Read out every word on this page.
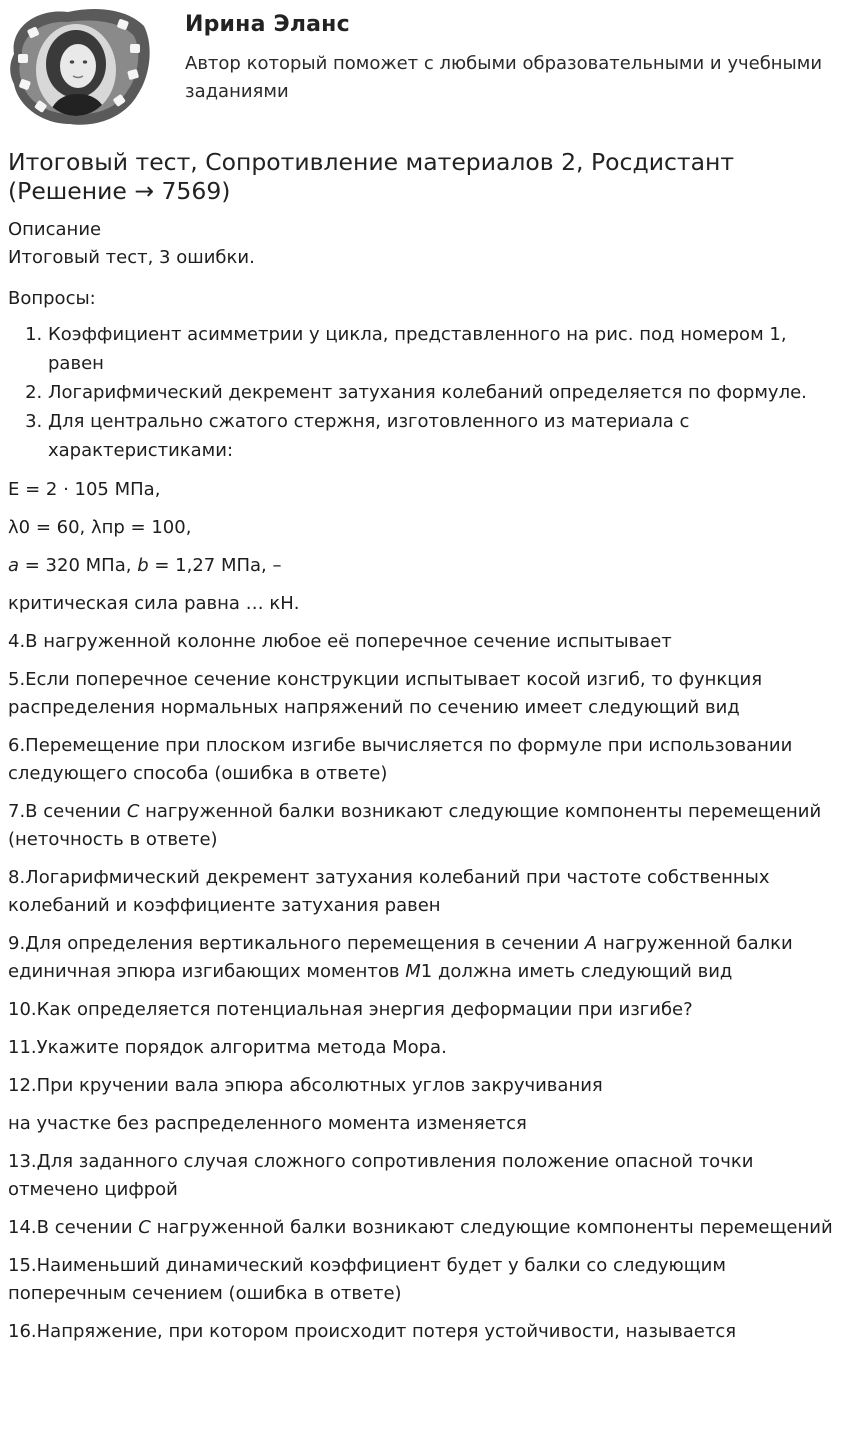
Ирина Эланс
Автор который поможет с любыми образовательными и учебными заданиями
Итоговый тест, Сопротивление материалов 2, Росдистант (Решение → 7569)

Описание

Итоговый тест, 3 ошибки.

Вопросы:

1. Коэффициент асимметрии у цикла, представленного на рис. под номером 1, равен
2. Логарифмический декремент затухания колебаний определяется по формуле.
3. Для центрально сжатого стержня, изготовленного из материала с характеристиками:

E = 2 · 105 МПа,

λ0 = 60, λпр = 100,

a = 320 МПа, b = 1,27 МПа, –

критическая сила равна … кН.

4.В нагруженной колонне любое её поперечное сечение испытывает

5.Если поперечное сечение конструкции испытывает косой изгиб, то функция распределения нормальных напряжений по сечению имеет следующий вид

6.Перемещение при плоском изгибе вычисляется по формуле при использовании следующего способа (ошибка в ответе)

7.В сечении С нагруженной балки возникают следующие компоненты перемещений (неточность в ответе)

8.Логарифмический декремент затухания колебаний при частоте собственных колебаний и коэффициенте затухания равен

9.Для определения вертикального перемещения в сечении А нагруженной балки единичная эпюра изгибающих моментов М1 должна иметь следующий вид

10.Как определяется потенциальная энергия деформации при изгибе?

11.Укажите порядок алгоритма метода Мора.

12.При кручении вала эпюра абсолютных углов закручивания

на участке без распределенного момента изменяется

13.Для заданного случая сложного сопротивления положение опасной точки отмечено цифрой

14.В сечении С нагруженной балки возникают следующие компоненты перемещений

15.Наименьший динамический коэффициент будет у балки со следующим поперечным сечением (ошибка в ответе)

16.Напряжение, при котором происходит потеря устойчивости, называется
